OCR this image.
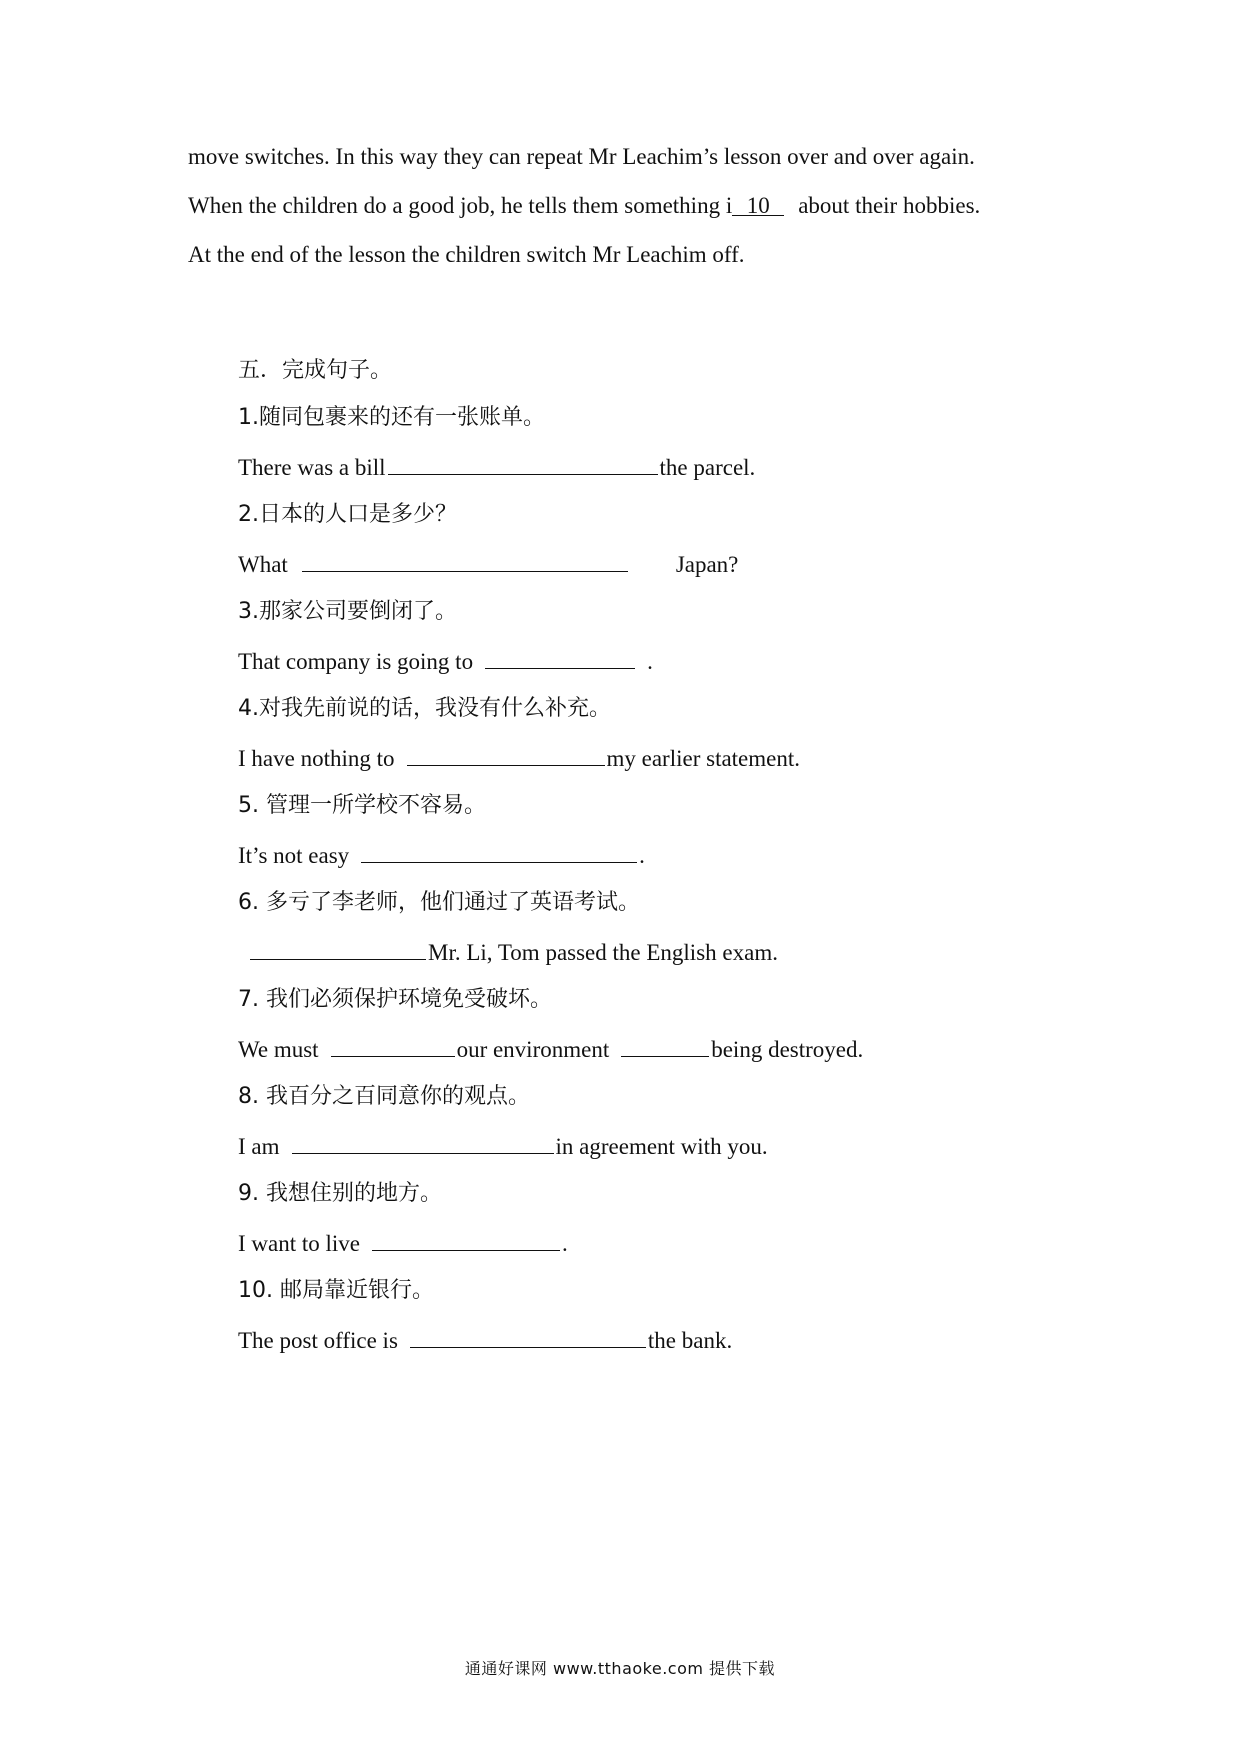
move switches. In this way they can repeat Mr Leachim’s lesson over and over again.
When the children do a good job, he tells them something i 10 about their hobbies.
At the end of the lesson the children switch Mr Leachim off.
五．完成句子。
1.随同包裹来的还有一张账单。
There was a bill	the parcel.
2.日本的人口是多少？
What	Japan?
3.那家公司要倒闭了。
That company is going to	.
4.对我先前说的话，我没有什么补充。
I have nothing to	my earlier statement.
5. 管理一所学校不容易。
It’s not easy	.
6. 多亏了李老师，他们通过了英语考试。
Mr. Li, Tom passed the English exam.
7. 我们必须保护环境免受破坏。
We must	our environment	being destroyed.
8. 我百分之百同意你的观点。
I am	in agreement with you.
9. 我想住别的地方。
I want to live	.
10. 邮局靠近银行。
The post office is	the bank.
通通好课网 www.tthaoke.com 提供下载
